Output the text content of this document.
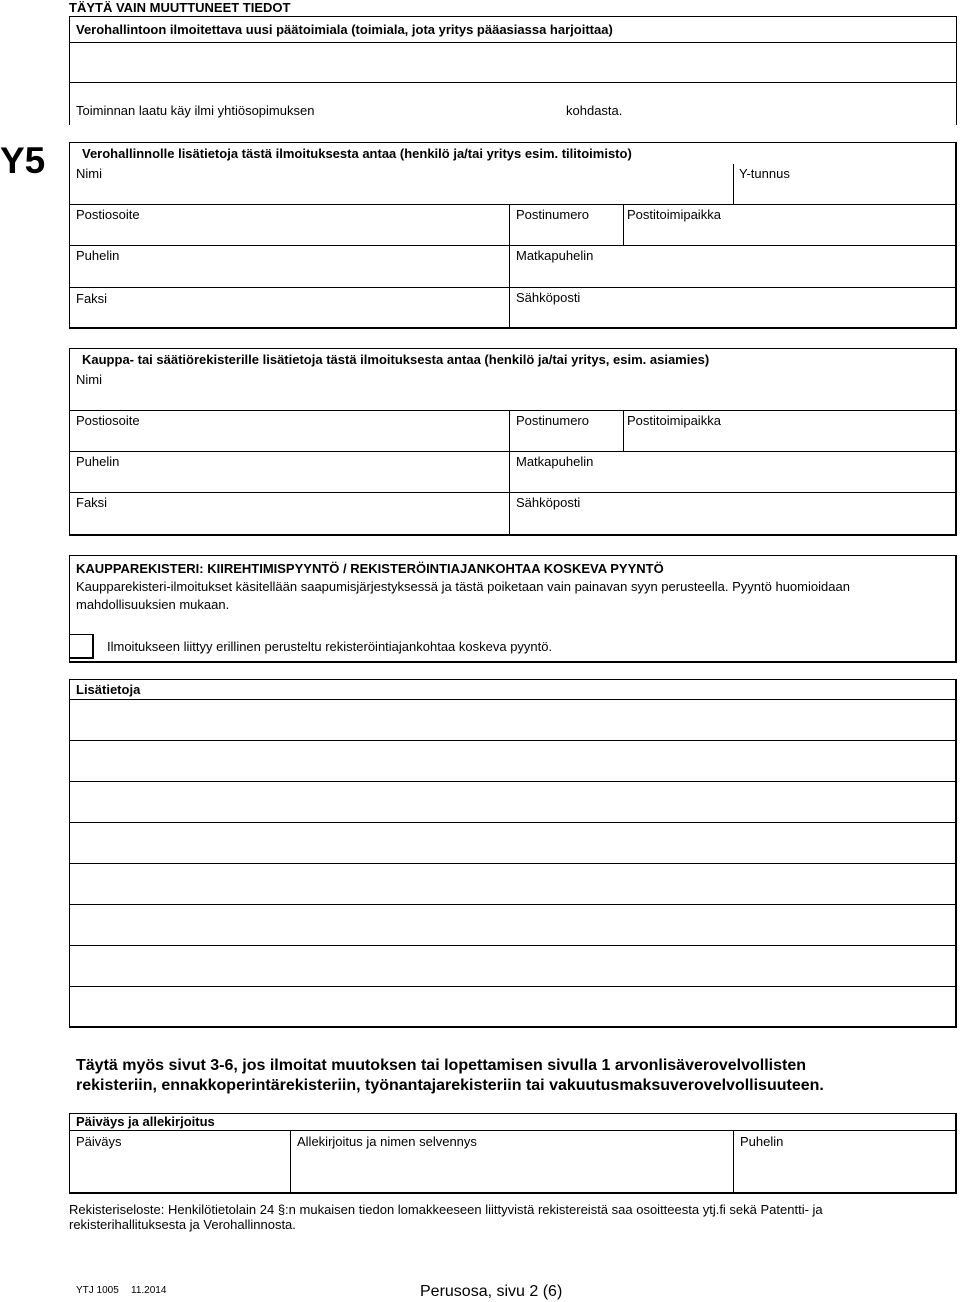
TÄYTÄ VAIN MUUTTUNEET TIEDOT
Verohallintoon ilmoitettava uusi päätoimiala (toimiala, jota yritys pääasiassa harjoittaa)
Toiminnan laatu käy ilmi yhtiösopimuksen	kohdasta.
Y5	Verohallinnolle lisätietoja tästä ilmoituksesta antaa (henkilö ja/tai yritys esim. tilitoimisto)
Nimi	Y-tunnus
Postiosoite	Postinumero	Postitoimipaikka
Puhelin	Matkapuhelin
Faksi	Sähköposti
Kauppa- tai säätiörekisterille lisätietoja tästä ilmoituksesta antaa (henkilö ja/tai yritys, esim. asiamies)
Nimi
Postiosoite	Postinumero	Postitoimipaikka
Puhelin	Matkapuhelin
Faksi	Sähköposti
KAUPPAREKISTERI: KIIREHTIMISPYYNTÖ / REKISTERÖINTIAJANKOHTAA KOSKEVA PYYNTÖ
Kaupparekisteri-ilmoitukset käsitellään saapumisjärjestyksessä ja tästä poiketaan vain painavan syyn perusteella. Pyyntö huomioidaan
mahdollisuuksien mukaan.
Ilmoitukseen liittyy erillinen perusteltu rekisteröintiajankohtaa koskeva pyyntö.
Lisätietoja
Täytä myös sivut 3-6, jos ilmoitat muutoksen tai lopettamisen sivulla 1 arvonlisäverovelvollisten
rekisteriin, ennakkoperintärekisteriin, työnantajarekisteriin tai vakuutusmaksuverovelvollisuuteen.
Päiväys ja allekirjoitus
Päiväys	Allekirjoitus ja nimen selvennys	Puhelin
Rekisteriseloste: Henkilötietolain 24 §:n mukaisen tiedon lomakkeeseen liittyvistä rekistereistä saa osoitteesta ytj.fi sekä Patentti- ja
rekisterihallituksesta ja Verohallinnosta.
YTJ 1005 11.2014	Perusosa, sivu 2 (6)
